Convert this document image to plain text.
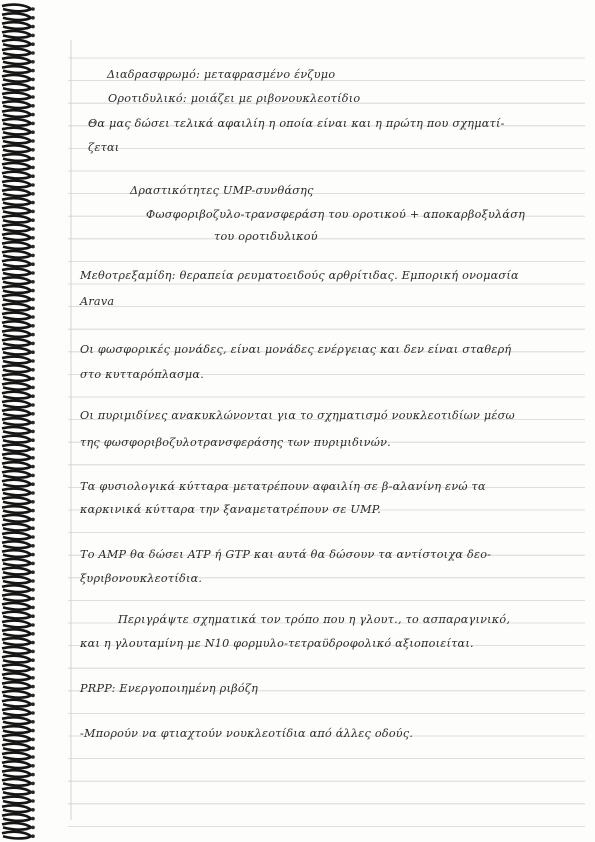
Διαδρασφρωμό: μεταφρασμένο ένζυμο
Οροτιδυλικό: μοιάζει με ριβονουκλεοτίδιο
Θα μας δώσει τελικά αφαιλίη η οποία είναι και η πρώτη που σχηματί-
ζεται
Δραστικότητες UMP-συνθάσης
Φωσφοριβοζυλο-τρανσφεράση του οροτικού + αποκαρβοξυλάση
του οροτιδυλικού
Μεθοτρεξαμίδη: θεραπεία ρευματοειδούς αρθρίτιδας. Εμπορική ονομασία
Arava
Οι φωσφορικές μονάδες, είναι μονάδες ενέργειας και δεν είναι σταθερή
στο κυτταρόπλασμα.
Οι πυριμιδίνες ανακυκλώνονται για το σχηματισμό νουκλεοτιδίων μέσω
της φωσφοριβοζυλοτρανσφεράσης των πυριμιδινών.
Τα φυσιολογικά κύτταρα μετατρέπουν αφαιλίη σε β-αλανίνη ενώ τα
καρκινικά κύτταρα την ξαναμετατρέπουν σε UMP.
Το AMP θα δώσει ATP ή GTP και αυτά θα δώσουν τα αντίστοιχα δεο-
ξυριβονουκλεοτίδια.
Περιγράψτε σχηματικά τον τρόπο που η γλουτ., το ασπαραγινικό,
και η γλουταμίνη με N10 φορμυλο-τετραϋδροφολικό αξιοποιείται.
PRPP: Ενεργοποιημένη ριβόζη
-Μπορούν να φτιαχτούν νουκλεοτίδια από άλλες οδούς.
